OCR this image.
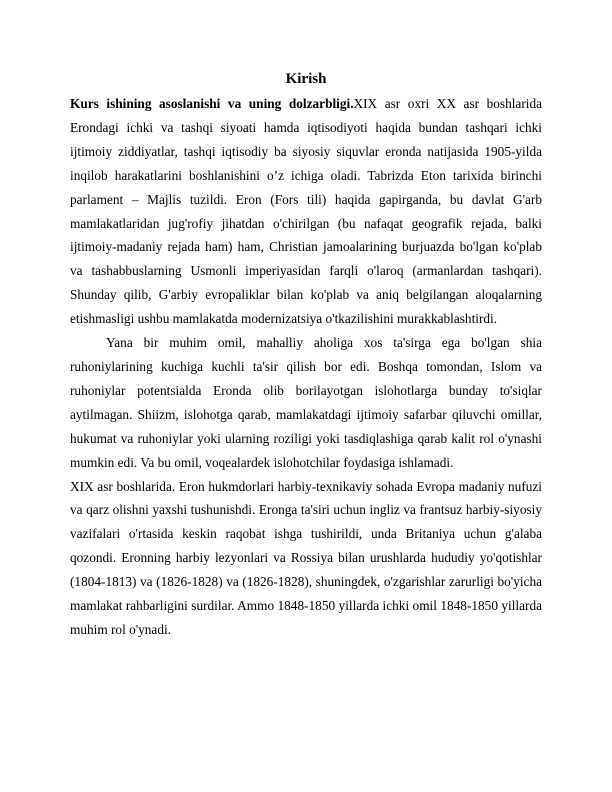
Kirish

Kurs ishining asoslanishi va uning dolzarbligi.XIX asr oxri XX asr boshlarida Erondagi ichki va tashqi siyoati hamda iqtisodiyoti haqida bundan tashqari ichki ijtimoiy ziddiyatlar, tashqi iqtisodiy ba siyosiy siquvlar eronda natijasida 1905-yilda inqilob harakatlarini boshlanishini o’z ichiga oladi. Tabrizda Eton tarixida birinchi parlament – Majlis tuzildi. Eron (Fors tili) haqida gapirganda, bu davlat G'arb mamlakatlaridan jug'rofiy jihatdan o'chirilgan (bu nafaqat geografik rejada, balki ijtimoiy-madaniy rejada ham) ham, Christian jamoalarining burjuazda bo'lgan ko'plab va tashabbuslarning Usmonli imperiyasidan farqli o'laroq (armanlardan tashqari). Shunday qilib, G'arbiy evropaliklar bilan ko'plab va aniq belgilangan aloqalarning etishmasligi ushbu mamlakatda modernizatsiya o'tkazilishini murakkablashtirdi.

Yana bir muhim omil, mahalliy aholiga xos ta'sirga ega bo'lgan shia ruhoniylarining kuchiga kuchli ta'sir qilish bor edi. Boshqa tomondan, Islom va ruhoniylar potentsialda Eronda olib borilayotgan islohotlarga bunday to'siqlar aytilmagan. Shiizm, islohotga qarab, mamlakatdagi ijtimoiy safarbar qiluvchi omillar, hukumat va ruhoniylar yoki ularning roziligi yoki tasdiqlashiga qarab kalit rol o'ynashi mumkin edi. Va bu omil, voqealardek islohotchilar foydasiga ishlamadi.

XIX asr boshlarida. Eron hukmdorlari harbiy-texnikaviy sohada Evropa madaniy nufuzi va qarz olishni yaxshi tushunishdi. Eronga ta'siri uchun ingliz va frantsuz harbiy-siyosiy vazifalari o'rtasida keskin raqobat ishga tushirildi, unda Britaniya uchun g'alaba qozondi. Eronning harbiy lezyonlari va Rossiya bilan urushlarda hududiy yo'qotishlar (1804-1813) va (1826-1828) va (1826-1828), shuningdek, o'zgarishlar zarurligi bo'yicha mamlakat rahbarligini surdilar. Ammo 1848-1850 yillarda ichki omil 1848-1850 yillarda muhim rol o'ynadi.
